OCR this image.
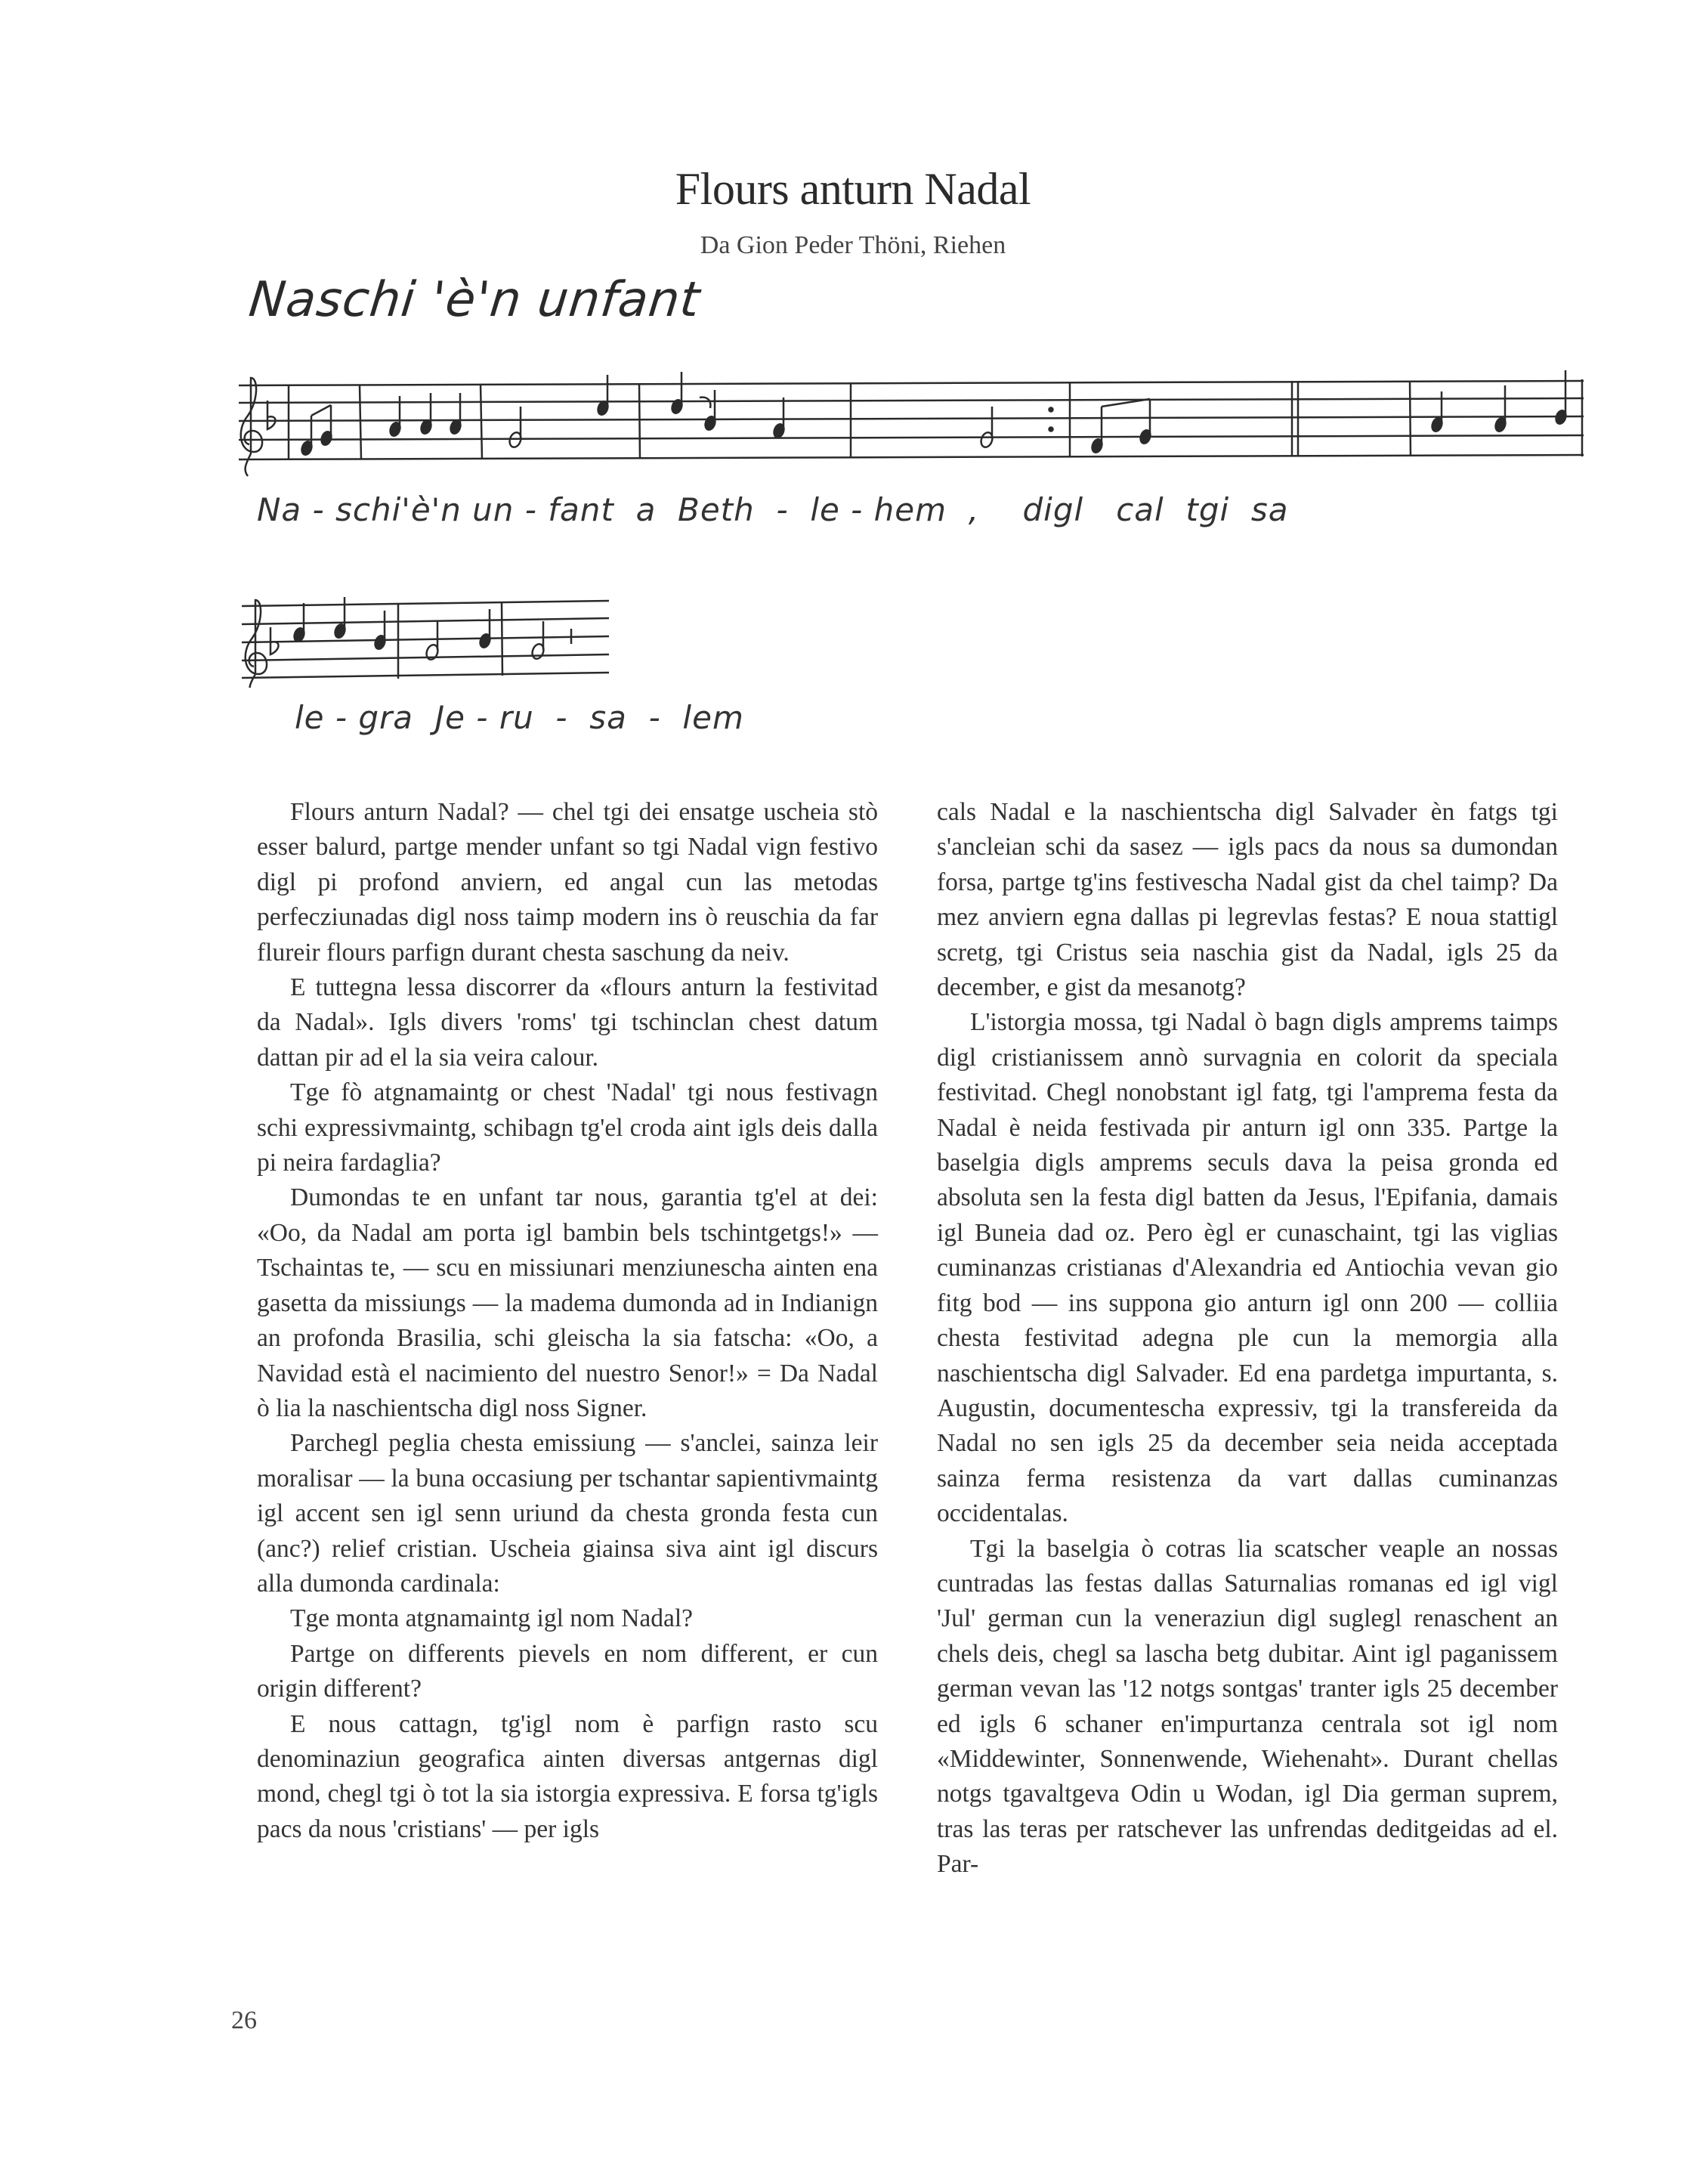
Flours anturn Nadal
Da Gion Peder Thöni, Riehen
Naschi 'è'n unfant
Na - schi'è'n un - fant  a  Beth  -  le - hem  ,    digl   cal  tgi  sa
le - gra  Je - ru  -  sa  -  lem

Flours anturn Nadal? — chel tgi dei ensatge uscheia stò esser balurd, partge mender unfant so tgi Nadal vign festivo digl pi profond anviern, ed angal cun las metodas perfecziunadas digl noss taimp modern ins ò reuschia da far flureir flours parfign durant chesta saschung da neiv.

E tuttegna lessa discorrer da «flours anturn la festivitad da Nadal». Igls divers 'roms' tgi tschinclan chest datum dattan pir ad el la sia veira calour.

Tge fò atgnamaintg or chest 'Nadal' tgi nous festivagn schi expressivmaintg, schibagn tg'el croda aint igls deis dalla pi neira fardaglia?

Dumondas te en unfant tar nous, garantia tg'el at dei: «Oo, da Nadal am porta igl bambin bels tschintgetgs!» — Tschaintas te, — scu en missiunari menziunescha ainten ena gasetta da missiungs — la madema dumonda ad in Indianign an profonda Brasilia, schi gleischa la sia fatscha: «Oo, a Navidad està el nacimiento del nuestro Senor!» = Da Nadal ò lia la naschientscha digl noss Signer.

Parchegl peglia chesta emissiung — s'anclei, sainza leir moralisar — la buna occasiung per tschantar sapientivmaintg igl accent sen igl senn uriund da chesta gronda festa cun (anc?) relief cristian. Uscheia giainsa siva aint igl discurs alla dumonda cardinala:

Tge monta atgnamaintg igl nom Nadal?

Partge on differents pievels en nom different, er cun origin different?

E nous cattagn, tg'igl nom è parfign rasto scu denominaziun geografica ainten diversas antgernas digl mond, chegl tgi ò tot la sia istorgia expressiva. E forsa tg'igls pacs da nous 'cristians' — per igls

cals Nadal e la naschientscha digl Salvader èn fatgs tgi s'ancleian schi da sasez — igls pacs da nous sa dumondan forsa, partge tg'ins festivescha Nadal gist da chel taimp? Da mez anviern egna dallas pi legrevlas festas? E noua stattigl scretg, tgi Cristus seia naschia gist da Nadal, igls 25 da december, e gist da mesanotg?

L'istorgia mossa, tgi Nadal ò bagn digls amprems taimps digl cristianissem annò survagnia en colorit da speciala festivitad. Chegl nonobstant igl fatg, tgi l'amprema festa da Nadal è neida festivada pir anturn igl onn 335. Partge la baselgia digls amprems seculs dava la peisa gronda ed absoluta sen la festa digl batten da Jesus, l'Epifania, damais igl Buneia dad oz. Pero ègl er cunaschaint, tgi las viglias cuminanzas cristianas d'Alexandria ed Antiochia vevan gio fitg bod — ins suppona gio anturn igl onn 200 — colliia chesta festivitad adegna ple cun la memorgia alla naschientscha digl Salvader. Ed ena pardetga impurtanta, s. Augustin, documentescha expressiv, tgi la transfereida da Nadal no sen igls 25 da december seia neida acceptada sainza ferma resistenza da vart dallas cuminanzas occidentalas.

Tgi la baselgia ò cotras lia scatscher veaple an nossas cuntradas las festas dallas Saturnalias romanas ed igl vigl 'Jul' german cun la veneraziun digl suglegl renaschent an chels deis, chegl sa lascha betg dubitar. Aint igl paganissem german vevan las '12 notgs sontgas' tranter igls 25 december ed igls 6 schaner en'impurtanza centrala sot igl nom «Middewinter, Sonnenwende, Wiehenaht». Durant chellas notgs tgavaltgeva Odin u Wodan, igl Dia german suprem, tras las teras per ratschever las unfrendas deditgeidas ad el. Par-

26
